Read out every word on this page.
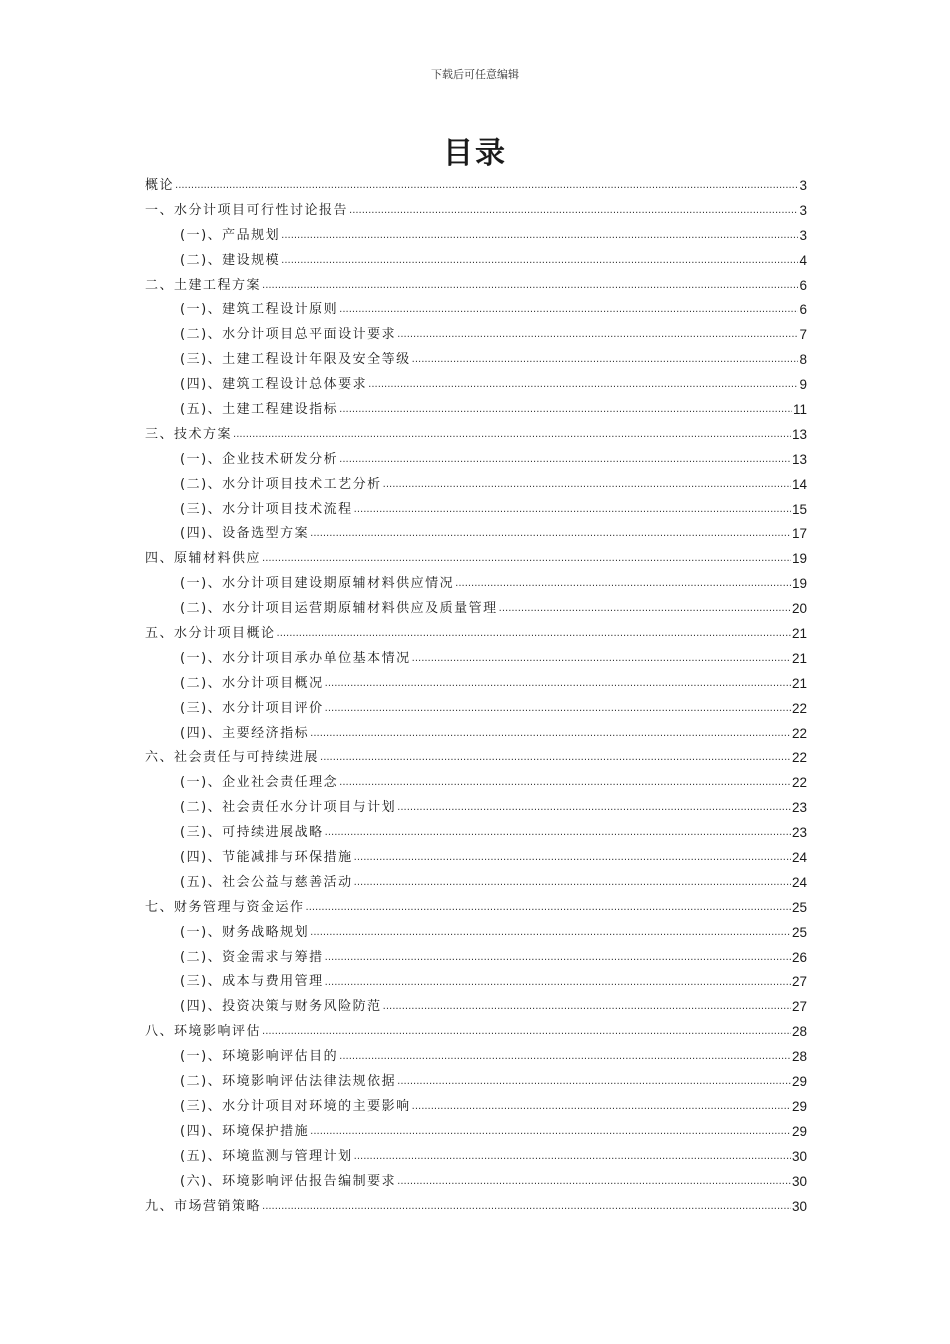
下载后可任意编辑
目录
概论 .....	3
一、水分计项目可行性讨论报告 .....	3
(一)、产品规划 .....	3
(二)、建设规模 .....	4
二、土建工程方案 .....	6
(一)、建筑工程设计原则 .....	6
(二)、水分计项目总平面设计要求 .....	7
(三)、土建工程设计年限及安全等级 .....	8
(四)、建筑工程设计总体要求 .....	9
(五)、土建工程建设指标 .....	11
三、技术方案 .....	13
(一)、企业技术研发分析 .....	13
(二)、水分计项目技术工艺分析 .....	14
(三)、水分计项目技术流程 .....	15
(四)、设备选型方案 .....	17
四、原辅材料供应 .....	19
(一)、水分计项目建设期原辅材料供应情况 .....	19
(二)、水分计项目运营期原辅材料供应及质量管理 .....	20
五、水分计项目概论 .....	21
(一)、水分计项目承办单位基本情况 .....	21
(二)、水分计项目概况 .....	21
(三)、水分计项目评价 .....	22
(四)、主要经济指标 .....	22
六、社会责任与可持续进展 .....	22
(一)、企业社会责任理念 .....	22
(二)、社会责任水分计项目与计划 .....	23
(三)、可持续进展战略 .....	23
(四)、节能减排与环保措施 .....	24
(五)、社会公益与慈善活动 .....	24
七、财务管理与资金运作 .....	25
(一)、财务战略规划 .....	25
(二)、资金需求与筹措 .....	26
(三)、成本与费用管理 .....	27
(四)、投资决策与财务风险防范 .....	27
八、环境影响评估 .....	28
(一)、环境影响评估目的 .....	28
(二)、环境影响评估法律法规依据 .....	29
(三)、水分计项目对环境的主要影响 .....	29
(四)、环境保护措施 .....	29
(五)、环境监测与管理计划 .....	30
(六)、环境影响评估报告编制要求 .....	30
九、市场营销策略 .....	30
